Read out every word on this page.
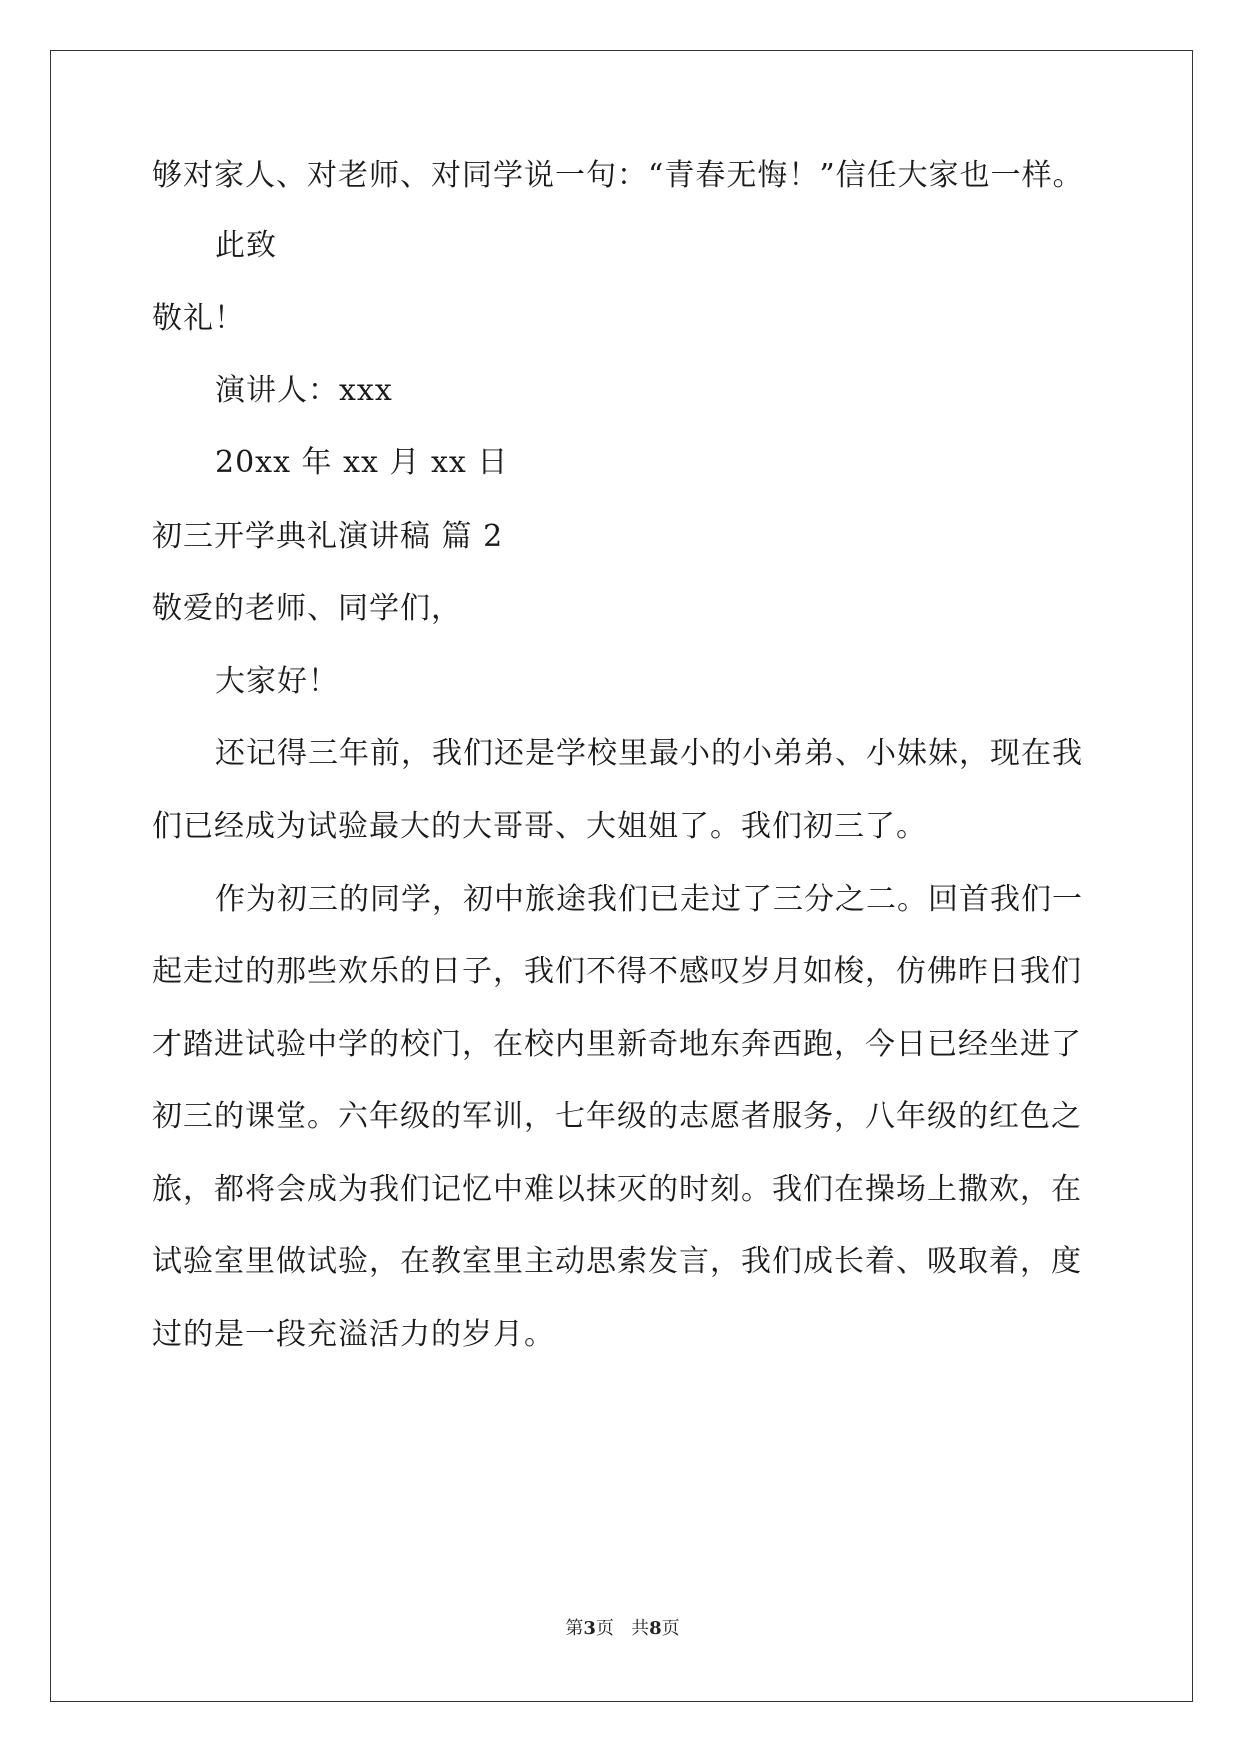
够对家人、对老师、对同学说一句：“青春无悔！”信任大家也一样。
此致
敬礼！
演讲人：xxx
20xx 年 xx 月 xx 日
初三开学典礼演讲稿 篇 2
敬爱的老师、同学们，
大家好！
还记得三年前，我们还是学校里最小的小弟弟、小妹妹，现在我
们已经成为试验最大的大哥哥、大姐姐了。我们初三了。
作为初三的同学，初中旅途我们已走过了三分之二。回首我们一
起走过的那些欢乐的日子，我们不得不感叹岁月如梭，仿佛昨日我们
才踏进试验中学的校门，在校内里新奇地东奔西跑，今日已经坐进了
初三的课堂。六年级的军训，七年级的志愿者服务，八年级的红色之
旅，都将会成为我们记忆中难以抹灭的时刻。我们在操场上撒欢，在
试验室里做试验，在教室里主动思索发言，我们成长着、吸取着，度
过的是一段充溢活力的岁月。
第3页 共8页
